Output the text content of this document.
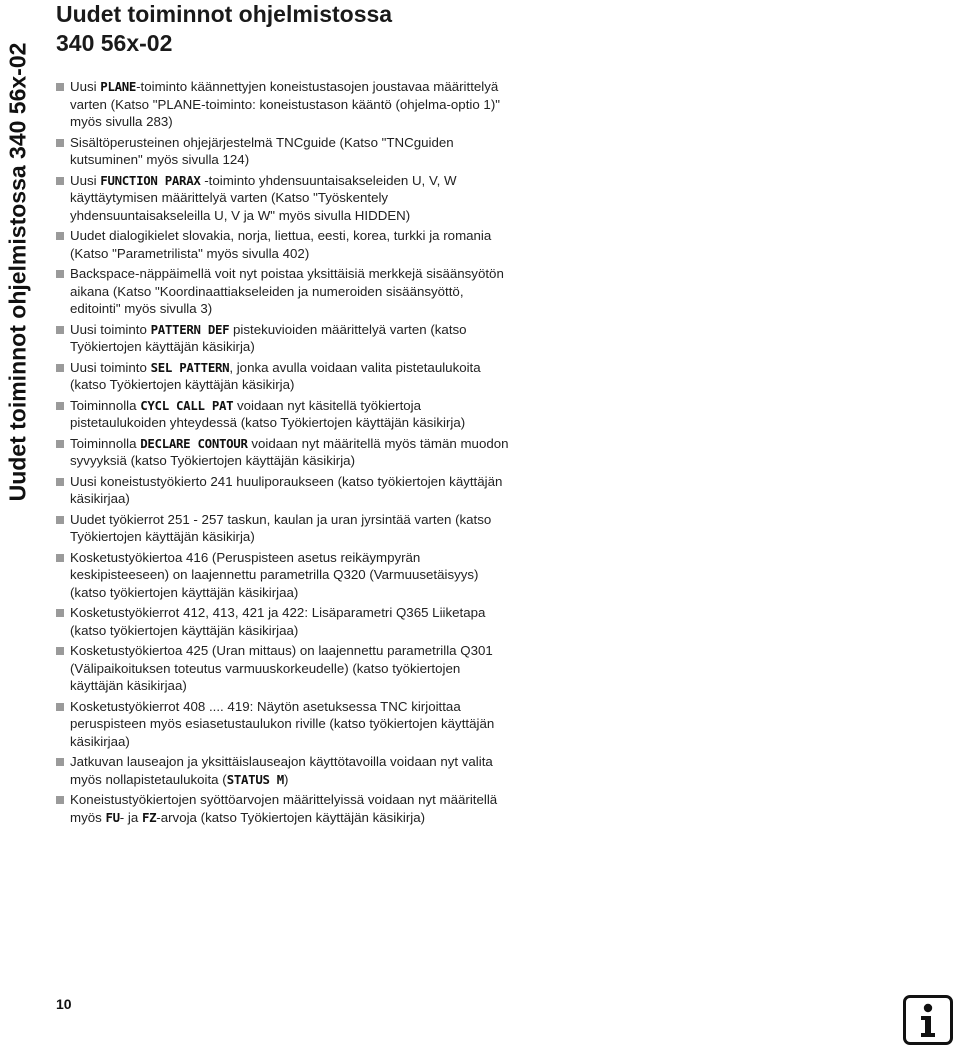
Uudet toiminnot ohjelmistossa 340 56x-02
Uudet toiminnot ohjelmistossa
340 56x-02
Uusi PLANE-toiminto käännettyjen koneistustasojen joustavaa määrittelyä varten (Katso "PLANE-toiminto: koneistustason kääntö (ohjelma-optio 1)" myös sivulla 283)
Sisältöperusteinen ohjejärjestelmä TNCguide (Katso "TNCguiden kutsuminen" myös sivulla 124)
Uusi FUNCTION PARAX -toiminto yhdensuuntaisakseleiden U, V, W käyttäytymisen määrittelyä varten (Katso "Työskentely yhdensuuntaisakseleilla U, V ja W" myös sivulla HIDDEN)
Uudet dialogikielet slovakia, norja, liettua, eesti, korea, turkki ja romania (Katso "Parametrilista" myös sivulla 402)
Backspace-näppäimellä voit nyt poistaa yksittäisiä merkkejä sisäänsyötön aikana (Katso "Koordinaattiakseleiden ja numeroiden sisäänsyöttö, editointi" myös sivulla 3)
Uusi toiminto PATTERN DEF pistekuvioiden määrittelyä varten (katso Työkiertojen käyttäjän käsikirja)
Uusi toiminto SEL PATTERN, jonka avulla voidaan valita pistetaulukoita (katso Työkiertojen käyttäjän käsikirja)
Toiminnolla CYCL CALL PAT voidaan nyt käsitellä työkiertoja pistetaulukoiden yhteydessä (katso Työkiertojen käyttäjän käsikirja)
Toiminnolla DECLARE CONTOUR voidaan nyt määritellä myös tämän muodon syvyyksiä (katso Työkiertojen käyttäjän käsikirja)
Uusi koneistustyökierto 241 huuliporaukseen (katso työkiertojen käyttäjän käsikirjaa)
Uudet työkierrot 251 - 257 taskun, kaulan ja uran jyrsintää varten (katso Työkiertojen käyttäjän käsikirja)
Kosketustyökiertoa 416 (Peruspisteen asetus reikäympyrän keskipisteeseen) on laajennettu parametrilla Q320 (Varmuusetäisyys) (katso työkiertojen käyttäjän käsikirjaa)
Kosketustyökierrot 412, 413, 421 ja 422: Lisäparametri Q365 Liiketapa (katso työkiertojen käyttäjän käsikirjaa)
Kosketustyökiertoa 425 (Uran mittaus) on laajennettu parametrilla Q301 (Välipaikoituksen toteutus varmuuskorkeudelle) (katso työkiertojen käyttäjän käsikirjaa)
Kosketustyökierrot 408 .... 419: Näytön asetuksessa TNC kirjoittaa peruspisteen myös esiasetustaulukon riville (katso työkiertojen käyttäjän käsikirjaa)
Jatkuvan lauseajon ja yksittäislauseajon käyttötavoilla voidaan nyt valita myös nollapistetaulukoita (STATUS M)
Koneistustyökiertojen syöttöarvojen määrittelyissä voidaan nyt määritellä myös FU- ja FZ-arvoja (katso Työkiertojen käyttäjän käsikirja)
10
